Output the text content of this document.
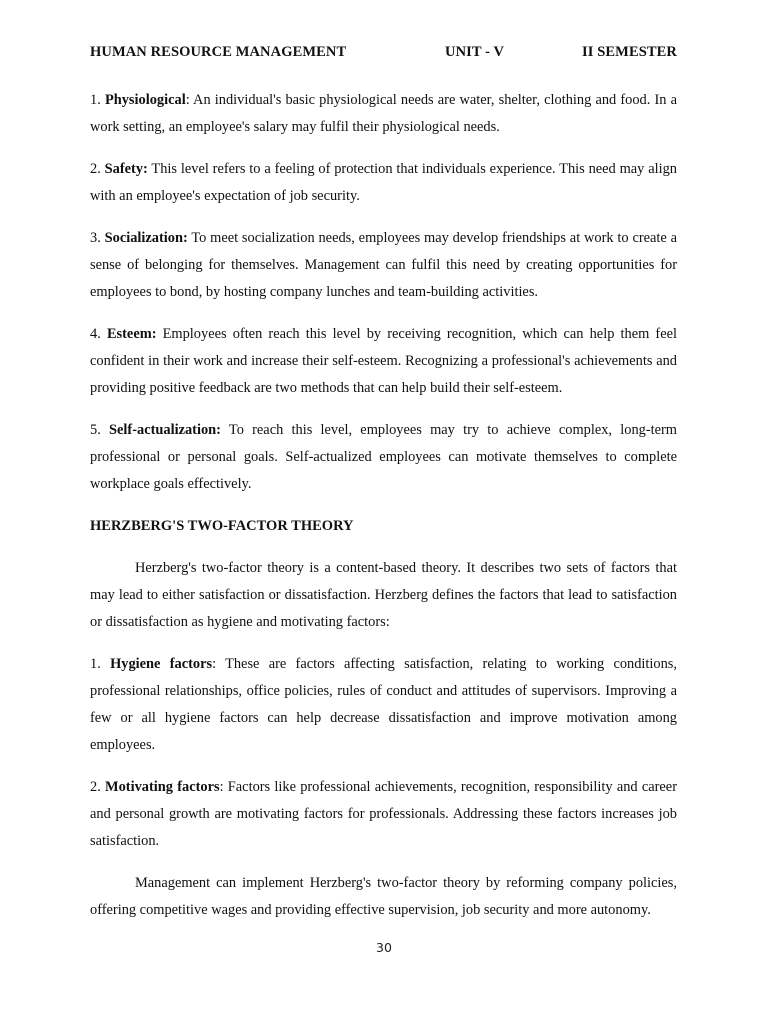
HUMAN RESOURCE MANAGEMENT	UNIT - V	II SEMESTER

1. Physiological: An individual's basic physiological needs are water, shelter, clothing and food. In a work setting, an employee's salary may fulfil their physiological needs.

2. Safety: This level refers to a feeling of protection that individuals experience. This need may align with an employee's expectation of job security.

3. Socialization: To meet socialization needs, employees may develop friendships at work to create a sense of belonging for themselves. Management can fulfil this need by creating opportunities for employees to bond, by hosting company lunches and team-building activities.

4. Esteem: Employees often reach this level by receiving recognition, which can help them feel confident in their work and increase their self-esteem. Recognizing a professional's achievements and providing positive feedback are two methods that can help build their self-esteem.

5. Self-actualization: To reach this level, employees may try to achieve complex, long-term professional or personal goals. Self-actualized employees can motivate themselves to complete workplace goals effectively.

HERZBERG'S TWO-FACTOR THEORY

Herzberg's two-factor theory is a content-based theory. It describes two sets of factors that may lead to either satisfaction or dissatisfaction. Herzberg defines the factors that lead to satisfaction or dissatisfaction as hygiene and motivating factors:

1. Hygiene factors: These are factors affecting satisfaction, relating to working conditions, professional relationships, office policies, rules of conduct and attitudes of supervisors. Improving a few or all hygiene factors can help decrease dissatisfaction and improve motivation among employees.

2. Motivating factors: Factors like professional achievements, recognition, responsibility and career and personal growth are motivating factors for professionals. Addressing these factors increases job satisfaction.

Management can implement Herzberg's two-factor theory by reforming company policies, offering competitive wages and providing effective supervision, job security and more autonomy.

30
